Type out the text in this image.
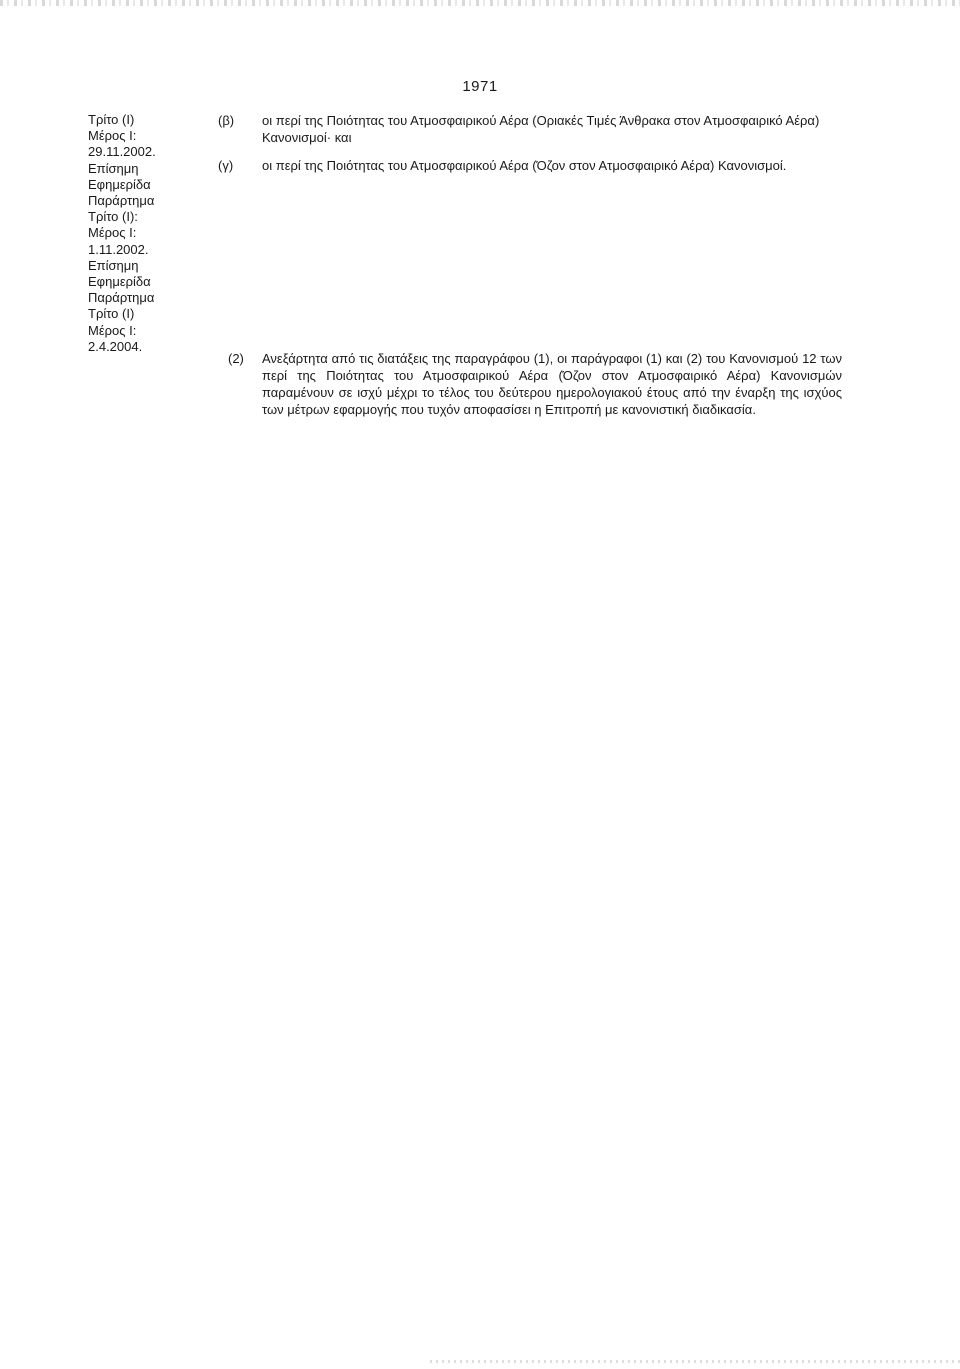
1971
Τρίτο (Ι)
Μέρος Ι:
29.11.2002.
Επίσημη
Εφημερίδα
Παράρτημα
Τρίτο (Ι):
Μέρος Ι:
1.11.2002.
Επίσημη
Εφημερίδα
Παράρτημα
Τρίτο (Ι)
Μέρος Ι:
2.4.2004.
(β)	οι περί της Ποιότητας του Ατμοσφαιρικού Αέρα (Οριακές Τιμές Άνθρακα στον Ατμοσφαιρικό Αέρα) Κανονισμοί· και
(γ)	οι περί της Ποιότητας του Ατμοσφαιρικού Αέρα (Όζον στον Ατμοσφαιρικό Αέρα) Κανονισμοί.
(2) Ανεξάρτητα από τις διατάξεις της παραγράφου (1), οι παράγραφοι (1) και (2) του Κανονισμού 12 των περί της Ποιότητας του Ατμοσφαιρικού Αέρα (Όζον στον Ατμοσφαιρικό Αέρα) Κανονισμών παραμένουν σε ισχύ μέχρι το τέλος του δεύτερου ημερολογιακού έτους από την έναρξη της ισχύος των μέτρων εφαρμογής που τυχόν αποφασίσει η Επιτροπή με κανονιστική διαδικασία.
